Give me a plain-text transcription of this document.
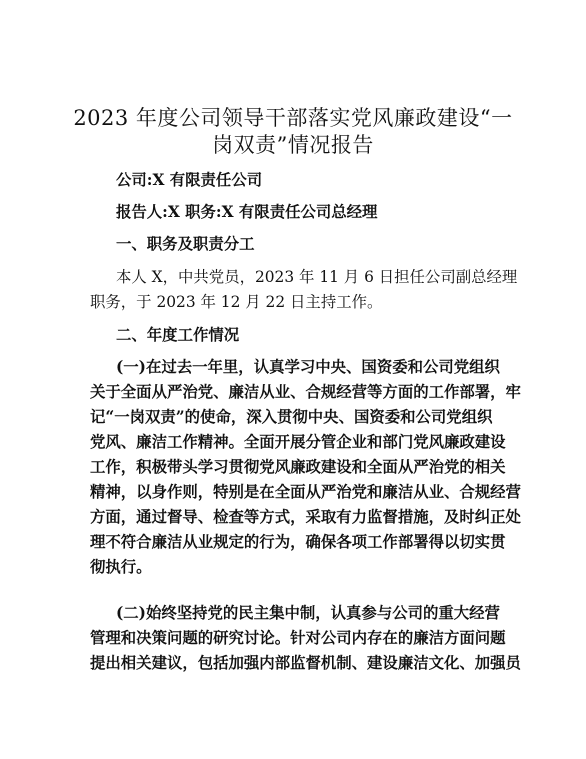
2023 年度公司领导干部落实党风廉政建设“一
岗双责”情况报告
公司:X 有限责任公司
报告人:X 职务:X 有限责任公司总经理
一、职务及职责分工
本人 X，中共党员，2023 年 11 月 6 日担任公司副总经理
职务，于 2023 年 12 月 22 日主持工作。
二、年度工作情况
(一)在过去一年里，认真学习中央、国资委和公司党组织
关于全面从严治党、廉洁从业、合规经营等方面的工作部署，牢
记“一岗双责”的使命，深入贯彻中央、国资委和公司党组织
党风、廉洁工作精神。全面开展分管企业和部门党风廉政建设
工作，积极带头学习贯彻党风廉政建设和全面从严治党的相关
精神，以身作则，特别是在全面从严治党和廉洁从业、合规经营
方面，通过督导、检查等方式，采取有力监督措施，及时纠正处
理不符合廉洁从业规定的行为，确保各项工作部署得以切实贯
彻执行。
(二)始终坚持党的民主集中制，认真参与公司的重大经营
管理和决策问题的研究讨论。针对公司内存在的廉洁方面问题
提出相关建议，包括加强内部监督机制、建设廉洁文化、加强员
